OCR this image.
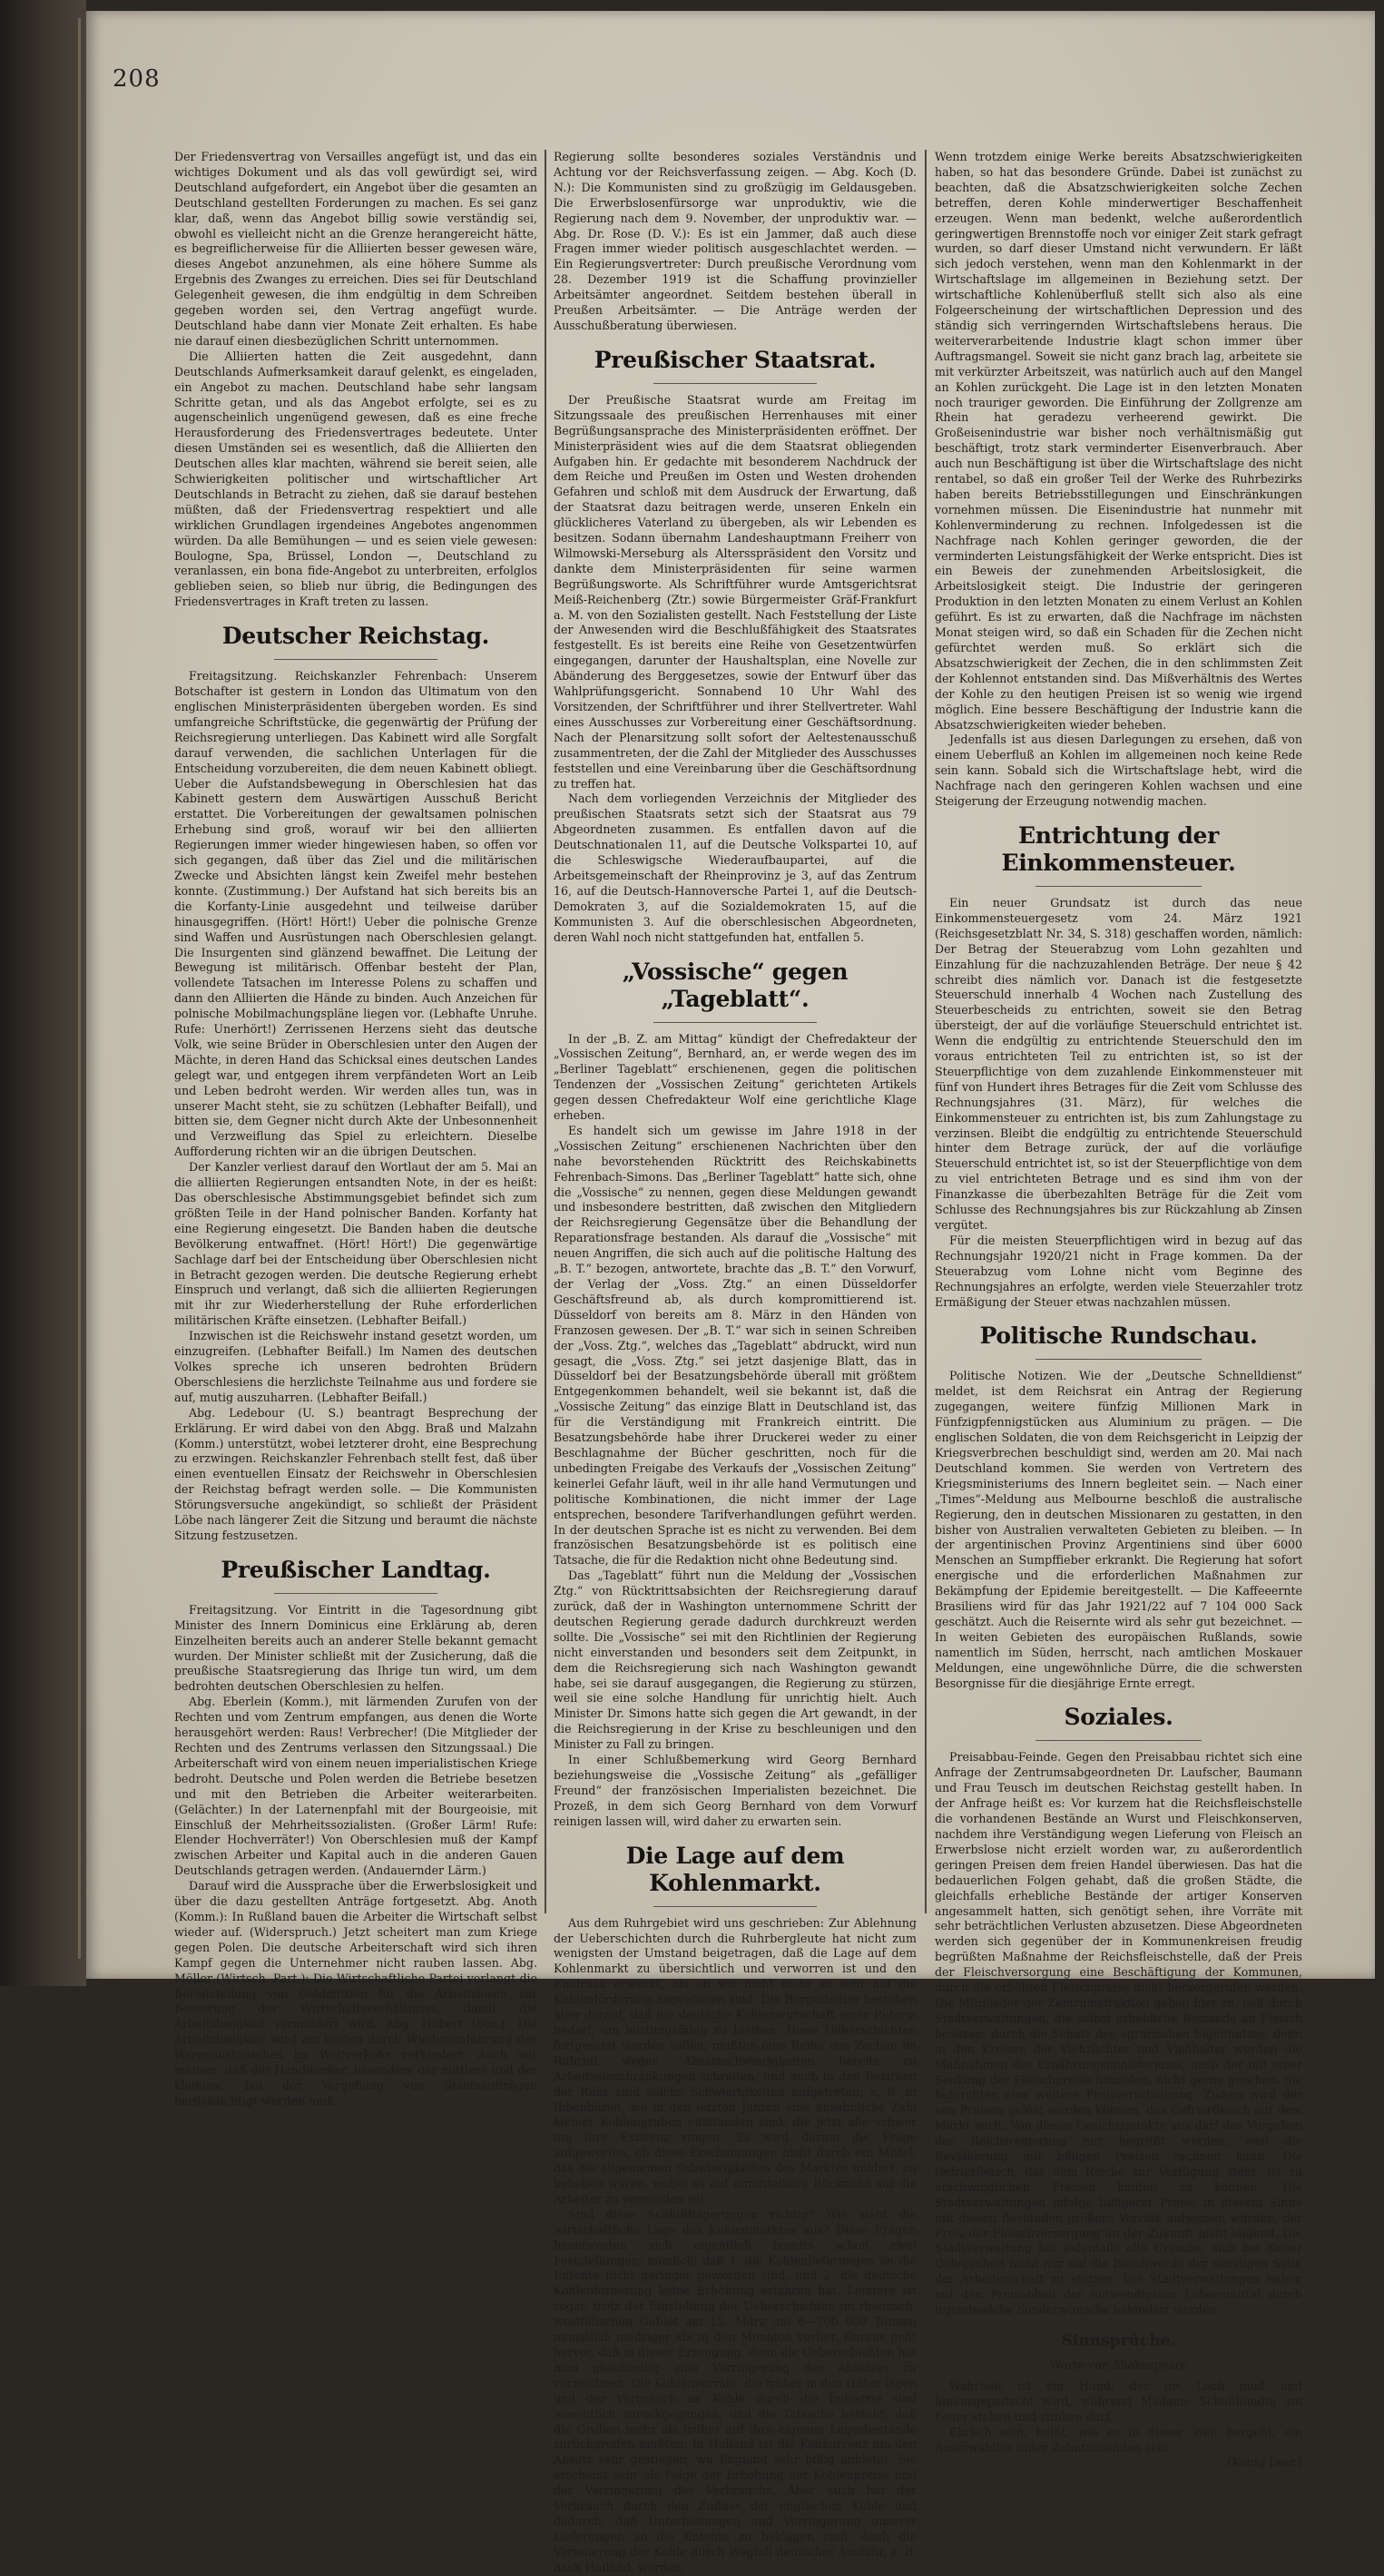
208

Der Friedensvertrag von Versailles angefügt ist, und das ein wichtiges Dokument und als das voll gewürdigt sei, wird Deutschland aufgefordert, ein Angebot über die gesamten an Deutschland gestellten Forderungen zu machen. Es sei ganz klar, daß, wenn das Angebot billig sowie verständig sei, obwohl es vielleicht nicht an die Grenze herangereicht hätte, es begreiflicherweise für die Alliierten besser gewesen wäre, dieses Angebot anzunehmen, als eine höhere Summe als Ergebnis des Zwanges zu erreichen. Dies sei für Deutschland Gelegenheit gewesen, die ihm endgültig in dem Schreiben gegeben worden sei, den Vertrag angefügt wurde. Deutschland habe dann vier Monate Zeit erhalten. Es habe nie darauf einen diesbezüglichen Schritt unternommen.

Die Alliierten hatten die Zeit ausgedehnt, dann Deutschlands Aufmerksamkeit darauf gelenkt, es eingeladen, ein Angebot zu machen. Deutschland habe sehr langsam Schritte getan, und als das Angebot erfolgte, sei es zu augenscheinlich ungenügend gewesen, daß es eine freche Herausforderung des Friedensvertrages bedeutete. Unter diesen Umständen sei es wesentlich, daß die Alliierten den Deutschen alles klar machten, während sie bereit seien, alle Schwierigkeiten politischer und wirtschaftlicher Art Deutschlands in Betracht zu ziehen, daß sie darauf bestehen müßten, daß der Friedensvertrag respektiert und alle wirklichen Grundlagen irgendeines Angebotes angenommen würden. Da alle Bemühungen — und es seien viele gewesen: Boulogne, Spa, Brüssel, London —, Deutschland zu veranlassen, ein bona fide-Angebot zu unterbreiten, erfolglos geblieben seien, so blieb nur übrig, die Bedingungen des Friedensvertrages in Kraft treten zu lassen.

Deutscher Reichstag.

Freitagsitzung. Reichskanzler Fehrenbach: Unserem Botschafter ist gestern in London das Ultimatum von den englischen Ministerpräsidenten übergeben worden. Es sind umfangreiche Schriftstücke, die gegenwärtig der Prüfung der Reichsregierung unterliegen. Das Kabinett wird alle Sorgfalt darauf verwenden, die sachlichen Unterlagen für die Entscheidung vorzubereiten, die dem neuen Kabinett obliegt. Ueber die Aufstandsbewegung in Oberschlesien hat das Kabinett gestern dem Auswärtigen Ausschuß Bericht erstattet. Die Vorbereitungen der gewaltsamen polnischen Erhebung sind groß, worauf wir bei den alliierten Regierungen immer wieder hingewiesen haben, so offen vor sich gegangen, daß über das Ziel und die militärischen Zwecke und Absichten längst kein Zweifel mehr bestehen konnte. (Zustimmung.) Der Aufstand hat sich bereits bis an die Korfanty-Linie ausgedehnt und teilweise darüber hinausgegriffen. (Hört! Hört!) Ueber die polnische Grenze sind Waffen und Ausrüstungen nach Oberschlesien gelangt. Die Insurgenten sind glänzend bewaffnet. Die Leitung der Bewegung ist militärisch. Offenbar besteht der Plan, vollendete Tatsachen im Interesse Polens zu schaffen und dann den Alliierten die Hände zu binden. Auch Anzeichen für polnische Mobilmachungspläne liegen vor. (Lebhafte Unruhe. Rufe: Unerhört!) Zerrissenen Herzens sieht das deutsche Volk, wie seine Brüder in Oberschlesien unter den Augen der Mächte, in deren Hand das Schicksal eines deutschen Landes gelegt war, und entgegen ihrem verpfändeten Wort an Leib und Leben bedroht werden. Wir werden alles tun, was in unserer Macht steht, sie zu schützen (Lebhafter Beifall), und bitten sie, dem Gegner nicht durch Akte der Unbesonnenheit und Verzweiflung das Spiel zu erleichtern. Dieselbe Aufforderung richten wir an die übrigen Deutschen.

Der Kanzler verliest darauf den Wortlaut der am 5. Mai an die alliierten Regierungen entsandten Note, in der es heißt: Das oberschlesische Abstimmungsgebiet befindet sich zum größten Teile in der Hand polnischer Banden. Korfanty hat eine Regierung eingesetzt. Die Banden haben die deutsche Bevölkerung entwaffnet. (Hört! Hört!) Die gegenwärtige Sachlage darf bei der Entscheidung über Oberschlesien nicht in Betracht gezogen werden. Die deutsche Regierung erhebt Einspruch und verlangt, daß sich die alliierten Regierungen mit ihr zur Wiederherstellung der Ruhe erforderlichen militärischen Kräfte einsetzen. (Lebhafter Beifall.)

Inzwischen ist die Reichswehr instand gesetzt worden, um einzugreifen. (Lebhafter Beifall.) Im Namen des deutschen Volkes spreche ich unseren bedrohten Brüdern Oberschlesiens die herzlichste Teilnahme aus und fordere sie auf, mutig auszuharren. (Lebhafter Beifall.)

Abg. Ledebour (U. S.) beantragt Besprechung der Erklärung. Er wird dabei von den Abgg. Braß und Malzahn (Komm.) unterstützt, wobei letzterer droht, eine Besprechung zu erzwingen. Reichskanzler Fehrenbach stellt fest, daß über einen eventuellen Einsatz der Reichswehr in Oberschlesien der Reichstag befragt werden solle. — Die Kommunisten Störungsversuche angekündigt, so schließt der Präsident Löbe nach längerer Zeit die Sitzung und beraumt die nächste Sitzung festzusetzen.

Preußischer Landtag.

Freitagsitzung. Vor Eintritt in die Tagesordnung gibt Minister des Innern Dominicus eine Erklärung ab, deren Einzelheiten bereits auch an anderer Stelle bekannt gemacht wurden. Der Minister schließt mit der Zusicherung, daß die preußische Staatsregierung das Ihrige tun wird, um dem bedrohten deutschen Oberschlesien zu helfen.

Abg. Eberlein (Komm.), mit lärmenden Zurufen von der Rechten und vom Zentrum empfangen, aus denen die Worte herausgehört werden: Raus! Verbrecher! (Die Mitglieder der Rechten und des Zentrums verlassen den Sitzungssaal.) Die Arbeiterschaft wird von einem neuen imperialistischen Kriege bedroht. Deutsche und Polen werden die Betriebe besetzen und mit den Betrieben die Arbeiter weiterarbeiten. (Gelächter.) In der Laternenpfahl mit der Bourgeoisie, mit Einschluß der Mehrheitssozialisten. (Großer Lärm! Rufe: Elender Hochverräter!) Von Oberschlesien muß der Kampf zwischen Arbeiter und Kapital auch in die anderen Gauen Deutschlands getragen werden. (Andauernder Lärm.)

Darauf wird die Aussprache über die Erwerbslosigkeit und über die dazu gestellten Anträge fortgesetzt. Abg. Anoth (Komm.): In Rußland bauen die Arbeiter die Wirtschaft selbst wieder auf. (Widerspruch.) Jetzt scheitert man zum Kriege gegen Polen. Die deutsche Arbeiterschaft wird sich ihren Kampf gegen die Unternehmer nicht rauben lassen. Abg. Möller (Wirtsch. Part.): Die Wirtschaftliche Partei verlangt die Bereitstellung von Geldmitteln für die Arbeitslosen zur Besserung der Wirtschaftsverhältnisse, damit die Arbeitslosigkeit vermindert wird. Abg. Hubert (Soz.): Die Arbeitslosigkeit wird am besten durch Wiedereinführung des Warenaustausches im Weltverkehr verhindert. Auch wir meinen, daß der Handwerker, besonders der mittlere und der kleinere, bei der Vergebung von Staatsaufträgen berücksichtigt werden muß.

Regierung sollte besonderes soziales Verständnis und Achtung vor der Reichsverfassung zeigen. — Abg. Koch (D. N.): Die Kommunisten sind zu großzügig im Geldausgeben. Die Erwerbslosenfürsorge war unproduktiv, wie die Regierung nach dem 9. November, der unproduktiv war. — Abg. Dr. Rose (D. V.): Es ist ein Jammer, daß auch diese Fragen immer wieder politisch ausgeschlachtet werden. — Ein Regierungsvertreter: Durch preußische Verordnung vom 28. Dezember 1919 ist die Schaffung provinzieller Arbeitsämter angeordnet. Seitdem bestehen überall in Preußen Arbeitsämter. — Die Anträge werden der Ausschußberatung überwiesen.

Preußischer Staatsrat.

Der Preußische Staatsrat wurde am Freitag im Sitzungssaale des preußischen Herrenhauses mit einer Begrüßungsansprache des Ministerpräsidenten eröffnet. Der Ministerpräsident wies auf die dem Staatsrat obliegenden Aufgaben hin. Er gedachte mit besonderem Nachdruck der dem Reiche und Preußen im Osten und Westen drohenden Gefahren und schloß mit dem Ausdruck der Erwartung, daß der Staatsrat dazu beitragen werde, unseren Enkeln ein glücklicheres Vaterland zu übergeben, als wir Lebenden es besitzen. Sodann übernahm Landeshauptmann Freiherr von Wilmowski-Merseburg als Altersspräsident den Vorsitz und dankte dem Ministerpräsidenten für seine warmen Begrüßungsworte. Als Schriftführer wurde Amtsgerichtsrat Meiß-Reichenberg (Ztr.) sowie Bürgermeister Gräf-Frankfurt a. M. von den Sozialisten gestellt. Nach Feststellung der Liste der Anwesenden wird die Beschlußfähigkeit des Staatsrates festgestellt. Es ist bereits eine Reihe von Gesetzentwürfen eingegangen, darunter der Haushaltsplan, eine Novelle zur Abänderung des Berggesetzes, sowie der Entwurf über das Wahlprüfungsgericht. Sonnabend 10 Uhr Wahl des Vorsitzenden, der Schriftführer und ihrer Stellvertreter. Wahl eines Ausschusses zur Vorbereitung einer Geschäftsordnung. Nach der Plenarsitzung sollt sofort der Aeltestenausschuß zusammentreten, der die Zahl der Mitglieder des Ausschusses feststellen und eine Vereinbarung über die Geschäftsordnung zu treffen hat.

Nach dem vorliegenden Verzeichnis der Mitglieder des preußischen Staatsrats setzt sich der Staatsrat aus 79 Abgeordneten zusammen. Es entfallen davon auf die Deutschnationalen 11, auf die Deutsche Volkspartei 10, auf die Schleswigsche Wiederaufbaupartei, auf die Arbeitsgemeinschaft der Rheinprovinz je 3, auf das Zentrum 16, auf die Deutsch-Hannoversche Partei 1, auf die Deutsch-Demokraten 3, auf die Sozialdemokraten 15, auf die Kommunisten 3. Auf die oberschlesischen Abgeordneten, deren Wahl noch nicht stattgefunden hat, entfallen 5.

„Vossische“ gegen „Tageblatt“.

In der „B. Z. am Mittag“ kündigt der Chefredakteur der „Vossischen Zeitung“, Bernhard, an, er werde wegen des im „Berliner Tageblatt“ erschienenen, gegen die politischen Tendenzen der „Vossischen Zeitung“ gerichteten Artikels gegen dessen Chefredakteur Wolf eine gerichtliche Klage erheben.

Es handelt sich um gewisse im Jahre 1918 in der „Vossischen Zeitung“ erschienenen Nachrichten über den nahe bevorstehenden Rücktritt des Reichskabinetts Fehrenbach-Simons. Das „Berliner Tageblatt“ hatte sich, ohne die „Vossische“ zu nennen, gegen diese Meldungen gewandt und insbesondere bestritten, daß zwischen den Mitgliedern der Reichsregierung Gegensätze über die Behandlung der Reparationsfrage bestanden. Als darauf die „Vossische“ mit neuen Angriffen, die sich auch auf die politische Haltung des „B. T.“ bezogen, antwortete, brachte das „B. T.“ den Vorwurf, der Verlag der „Voss. Ztg.“ an einen Düsseldorfer Geschäftsfreund ab, als durch kompromittierend ist. Düsseldorf von bereits am 8. März in den Händen von Franzosen gewesen. Der „B. T.“ war sich in seinen Schreiben der „Voss. Ztg.“, welches das „Tageblatt“ abdruckt, wird nun gesagt, die „Voss. Ztg.“ sei jetzt dasjenige Blatt, das in Düsseldorf bei der Besatzungsbehörde überall mit größtem Entgegenkommen behandelt, weil sie bekannt ist, daß die „Vossische Zeitung“ das einzige Blatt in Deutschland ist, das für die Verständigung mit Frankreich eintritt. Die Besatzungsbehörde habe ihrer Druckerei weder zu einer Beschlagnahme der Bücher geschritten, noch für die unbedingten Freigabe des Verkaufs der „Vossischen Zeitung“ keinerlei Gefahr läuft, weil in ihr alle hand Vermutungen und politische Kombinationen, die nicht immer der Lage entsprechen, besondere Tarifverhandlungen geführt werden. In der deutschen Sprache ist es nicht zu verwenden. Bei dem französischen Besatzungsbehörde ist es politisch eine Tatsache, die für die Redaktion nicht ohne Bedeutung sind.

Das „Tageblatt“ führt nun die Meldung der „Vossischen Ztg.“ von Rücktrittsabsichten der Reichsregierung darauf zurück, daß der in Washington unternommene Schritt der deutschen Regierung gerade dadurch durchkreuzt werden sollte. Die „Vossische“ sei mit den Richtlinien der Regierung nicht einverstanden und besonders seit dem Zeitpunkt, in dem die Reichsregierung sich nach Washington gewandt habe, sei sie darauf ausgegangen, die Regierung zu stürzen, weil sie eine solche Handlung für unrichtig hielt. Auch Minister Dr. Simons hatte sich gegen die Art gewandt, in der die Reichsregierung in der Krise zu beschleunigen und den Minister zu Fall zu bringen.

In einer Schlußbemerkung wird Georg Bernhard beziehungsweise die „Vossische Zeitung“ als „gefälliger Freund“ der französischen Imperialisten bezeichnet. Die Prozeß, in dem sich Georg Bernhard von dem Vorwurf reinigen lassen will, wird daher zu erwarten sein.

Die Lage auf dem Kohlenmarkt.

Aus dem Ruhrgebiet wird uns geschrieben: Zur Ablehnung der Ueberschichten durch die Ruhrbergleute hat nicht zum wenigsten der Umstand beigetragen, daß die Lage auf dem Kohlenmarkt zu übersichtlich und verworren ist und den Eindruck erweckt, als ob wir nicht mehr so sehr auf die Kohlenförderung angewiesen sind. Die Bergarbeiter bestehen aber darauf, daß die deutsche Kohlenwirtschaft einer Reform bedarf, um leistungsfähig zu bleiben. Diese Ueberschichten fortgesetzt werden sollen, mußten eine Reihe von Zechen im Ruhrtal wegen Absatzschwierigkeiten bereits zu Arbeitseinschränkungen schreiten, und auch in den Bezirken der Ruhr sind solche Schwierigkeiten aufgetreten, z. B. in Ibbenbüren, wo in den letzten Jahren eine ansehnliche Zahl kleiner Kohlengruben entstanden sind, die jetzt alle schwer um ihre Existenz ringen. Es wird darum die Frage aufgeworfen, ob diese Erscheinungen nicht durch ein Mittel, das die allgemeinen Schwierigkeiten des Marktes mildert, zu beheben wären, wobei es auf unmittelbare Rücksicht auf die Arbeiter zu vermeiden sei.

Sind diese Schlußfolgerungen richtig? Wie sieht die wirtschaftliche Lage des Kohlenmarktes aus? Diese Fragen beantworten sich eigentlich bereits schon zwei Feststellungen; nämlich: daß 1. die Kohlenlieferungen an die Entente nicht geringer geworden sind, und 2. die deutsche Kohlenförderung keine Erhöhung erfahren hat. Letztere ist sogar, trotz der Einstellung der Ueberschichten im rheinisch-westfälischen Gebiet am 15. März um 6—700 000 Tonnen monatlich niedriger als in den Monaten vorher. Daraus geht hervor, daß in dieser Erzeugung, denn die Ueberschichten hat man gleichzeitig eine Verringerung des Absatzes zu verzeichnen. Die Kohlenvorräte, die früher in den Häfen lagen und der Verbrauch an Kohle durch die Industrie sind wesentlich zurückgegangen, und die Tatsache besteht, daß die Gruben mehr als früher auf ihre eigenen Lagerbestände zurückgreifen mußten. In Holland ist die Konkurrenz um den Absatz sehr gestiegen, wo England sehr billig anbietet. Sie erscheint sehr als Folge der Erhöhung der Kohlenpreise und der Verringerung des Verbrauchs. Aber auch hat der Verbrauch durch den Zufluss der englischen Kohle und dadurch, daß Unterbietungen und Verringerung unserer Lieferungen an die Entente zu beklagen sind. Auch die Verteuerung der Kohle durch Wegfall deutscher Ausfuhr, z. B. nach Holland, werden.

Wenn trotzdem einige Werke bereits Absatzschwierigkeiten haben, so hat das besondere Gründe. Dabei ist zunächst zu beachten, daß die Absatzschwierigkeiten solche Zechen betreffen, deren Kohle minderwertiger Beschaffenheit erzeugen. Wenn man bedenkt, welche außerordentlich geringwertigen Brennstoffe noch vor einiger Zeit stark gefragt wurden, so darf dieser Umstand nicht verwundern. Er läßt sich jedoch verstehen, wenn man den Kohlenmarkt in der Wirtschaftslage im allgemeinen in Beziehung setzt. Der wirtschaftliche Kohlenüberfluß stellt sich also als eine Folgeerscheinung der wirtschaftlichen Depression und des ständig sich verringernden Wirtschaftslebens heraus. Die weiterverarbeitende Industrie klagt schon immer über Auftragsmangel. Soweit sie nicht ganz brach lag, arbeitete sie mit verkürzter Arbeitszeit, was natürlich auch auf den Mangel an Kohlen zurückgeht. Die Lage ist in den letzten Monaten noch trauriger geworden. Die Einführung der Zollgrenze am Rhein hat geradezu verheerend gewirkt. Die Großeisenindustrie war bisher noch verhältnismäßig gut beschäftigt, trotz stark verminderter Eisenverbrauch. Aber auch nun Beschäftigung ist über die Wirtschaftslage des nicht rentabel, so daß ein großer Teil der Werke des Ruhrbezirks haben bereits Betriebsstillegungen und Einschränkungen vornehmen müssen. Die Eisenindustrie hat nunmehr mit Kohlenverminderung zu rechnen. Infolgedessen ist die Nachfrage nach Kohlen geringer geworden, die der verminderten Leistungsfähigkeit der Werke entspricht. Dies ist ein Beweis der zunehmenden Arbeitslosigkeit, die Arbeitslosigkeit steigt. Die Industrie der geringeren Produktion in den letzten Monaten zu einem Verlust an Kohlen geführt. Es ist zu erwarten, daß die Nachfrage im nächsten Monat steigen wird, so daß ein Schaden für die Zechen nicht gefürchtet werden muß. So erklärt sich die Absatzschwierigkeit der Zechen, die in den schlimmsten Zeit der Kohlennot entstanden sind. Das Mißverhältnis des Wertes der Kohle zu den heutigen Preisen ist so wenig wie irgend möglich. Eine bessere Beschäftigung der Industrie kann die Absatzschwierigkeiten wieder beheben.

Jedenfalls ist aus diesen Darlegungen zu ersehen, daß von einem Ueberfluß an Kohlen im allgemeinen noch keine Rede sein kann. Sobald sich die Wirtschaftslage hebt, wird die Nachfrage nach den geringeren Kohlen wachsen und eine Steigerung der Erzeugung notwendig machen.

Entrichtung der Einkommensteuer.

Ein neuer Grundsatz ist durch das neue Einkommensteuergesetz vom 24. März 1921 (Reichsgesetzblatt Nr. 34, S. 318) geschaffen worden, nämlich: Der Betrag der Steuerabzug vom Lohn gezahlten und Einzahlung für die nachzuzahlenden Beträge. Der neue § 42 schreibt dies nämlich vor. Danach ist die festgesetzte Steuerschuld innerhalb 4 Wochen nach Zustellung des Steuerbescheids zu entrichten, soweit sie den Betrag übersteigt, der auf die vorläufige Steuerschuld entrichtet ist. Wenn die endgültig zu entrichtende Steuerschuld den im voraus entrichteten Teil zu entrichten ist, so ist der Steuerpflichtige von dem zuzahlende Einkommensteuer mit fünf von Hundert ihres Betrages für die Zeit vom Schlusse des Rechnungsjahres (31. März), für welches die Einkommensteuer zu entrichten ist, bis zum Zahlungstage zu verzinsen. Bleibt die endgültig zu entrichtende Steuerschuld hinter dem Betrage zurück, der auf die vorläufige Steuerschuld entrichtet ist, so ist der Steuerpflichtige von dem zu viel entrichteten Betrage und es sind ihm von der Finanzkasse die überbezahlten Beträge für die Zeit vom Schlusse des Rechnungsjahres bis zur Rückzahlung ab Zinsen vergütet.

Für die meisten Steuerpflichtigen wird in bezug auf das Rechnungsjahr 1920/21 nicht in Frage kommen. Da der Steuerabzug vom Lohne nicht vom Beginne des Rechnungsjahres an erfolgte, werden viele Steuerzahler trotz Ermäßigung der Steuer etwas nachzahlen müssen.

Politische Rundschau.

Politische Notizen. Wie der „Deutsche Schnelldienst“ meldet, ist dem Reichsrat ein Antrag der Regierung zugegangen, weitere fünfzig Millionen Mark in Fünfzigpfennigstücken aus Aluminium zu prägen. — Die englischen Soldaten, die von dem Reichsgericht in Leipzig der Kriegsverbrechen beschuldigt sind, werden am 20. Mai nach Deutschland kommen. Sie werden von Vertretern des Kriegsministeriums des Innern begleitet sein. — Nach einer „Times“-Meldung aus Melbourne beschloß die australische Regierung, den in deutschen Missionaren zu gestatten, in den bisher von Australien verwalteten Gebieten zu bleiben. — In der argentinischen Provinz Argentiniens sind über 6000 Menschen an Sumpffieber erkrankt. Die Regierung hat sofort energische und die erforderlichen Maßnahmen zur Bekämpfung der Epidemie bereitgestellt. — Die Kaffeeernte Brasiliens wird für das Jahr 1921/22 auf 7 104 000 Sack geschätzt. Auch die Reisernte wird als sehr gut bezeichnet. — In weiten Gebieten des europäischen Rußlands, sowie namentlich im Süden, herrscht, nach amtlichen Moskauer Meldungen, eine ungewöhnliche Dürre, die die schwersten Besorgnisse für die diesjährige Ernte erregt.

Soziales.

Preisabbau-Feinde. Gegen den Preisabbau richtet sich eine Anfrage der Zentrumsabgeordneten Dr. Laufscher, Baumann und Frau Teusch im deutschen Reichstag gestellt haben. In der Anfrage heißt es: Vor kurzem hat die Reichsfleischstelle die vorhandenen Bestände an Wurst und Fleischkonserven, nachdem ihre Verständigung wegen Lieferung von Fleisch an Erwerbslose nicht erzielt worden war, zu außerordentlich geringen Preisen dem freien Handel überwiesen. Das hat die bedauerlichen Folgen gehabt, daß die großen Städte, die gleichfalls erhebliche Bestände der artiger Konserven angesammelt hatten, sich genötigt sehen, ihre Vorräte mit sehr beträchtlichen Verlusten abzusetzen. Diese Abgeordneten werden sich gegenüber der in Kommunenkreisen freudig begrüßten Maßnahme der Reichsfleischstelle, daß der Preis der Fleischversorgung eine Beschäftigung der Kommunen, durch die erhöhten Fleischpreise nicht hervorgerufen werden. Die Mitglieder der Zentrumsfraktion geben hier zu, daß durch Stadtverwaltungen, die selbst erhebliche Bestände an Fleisch besitzen, durch die Schutz des agrarischen Eigennutzes, denn in den Kreisen der Viehzüchter und Viehhalter werden die Maßnahmen des Ernährungsministeriums, nach der mit einer Senkung der Fleischpreise hinzielen, nicht gerne gesehen. Sie befürchten eine weitere Preisverschiebung. Zudem wird der von Preisen gelöst werden können, das Gefrierfleisch auf dem Markt wirft. Von dieser Gesichtspunkte aus darf das Vorgehen der Reichsregierung nur begrüßt werden, weil die Bevölkerung mit billigen Preisen rechnen kann. Die Gefrierfleisch, das dem Reiche zur Verfügung steht, ist zu erschwinglichen Preisen kaufen zu können. Die Stadtverwaltungen infolge billigerer Preise in diesem Sinne mit diesen Beständen größere Vorräte aufweisen würden, der Preis der Fleischversorgung an der Zukunft nicht leidend. Die Stadtverwaltung hat jedenfalls alle Ursache, sich bei dieser Gelegenheit nicht nur auf die Beschwerde der sonstigen Seite der Arbeiterschaft zu stützen. Die Stadtverwaltungen haben auf den Preisabbau der notwendigsten Lebensmittel durch irgendwelche Sonderwünsche behindert werden.

Sinnsprüche.
Worte von Shakespeare

Wahrheit ist ein Hund, der ins Loch muß und hinausgepeitscht wird, während Madame Schoßhündin am Feuer stehen und stinken darf.

Ehrlich sein, heißt, wie es in dieser Welt hergeht, ein Auserwählter unter Zehntausenden sein.

(König Lear.)
